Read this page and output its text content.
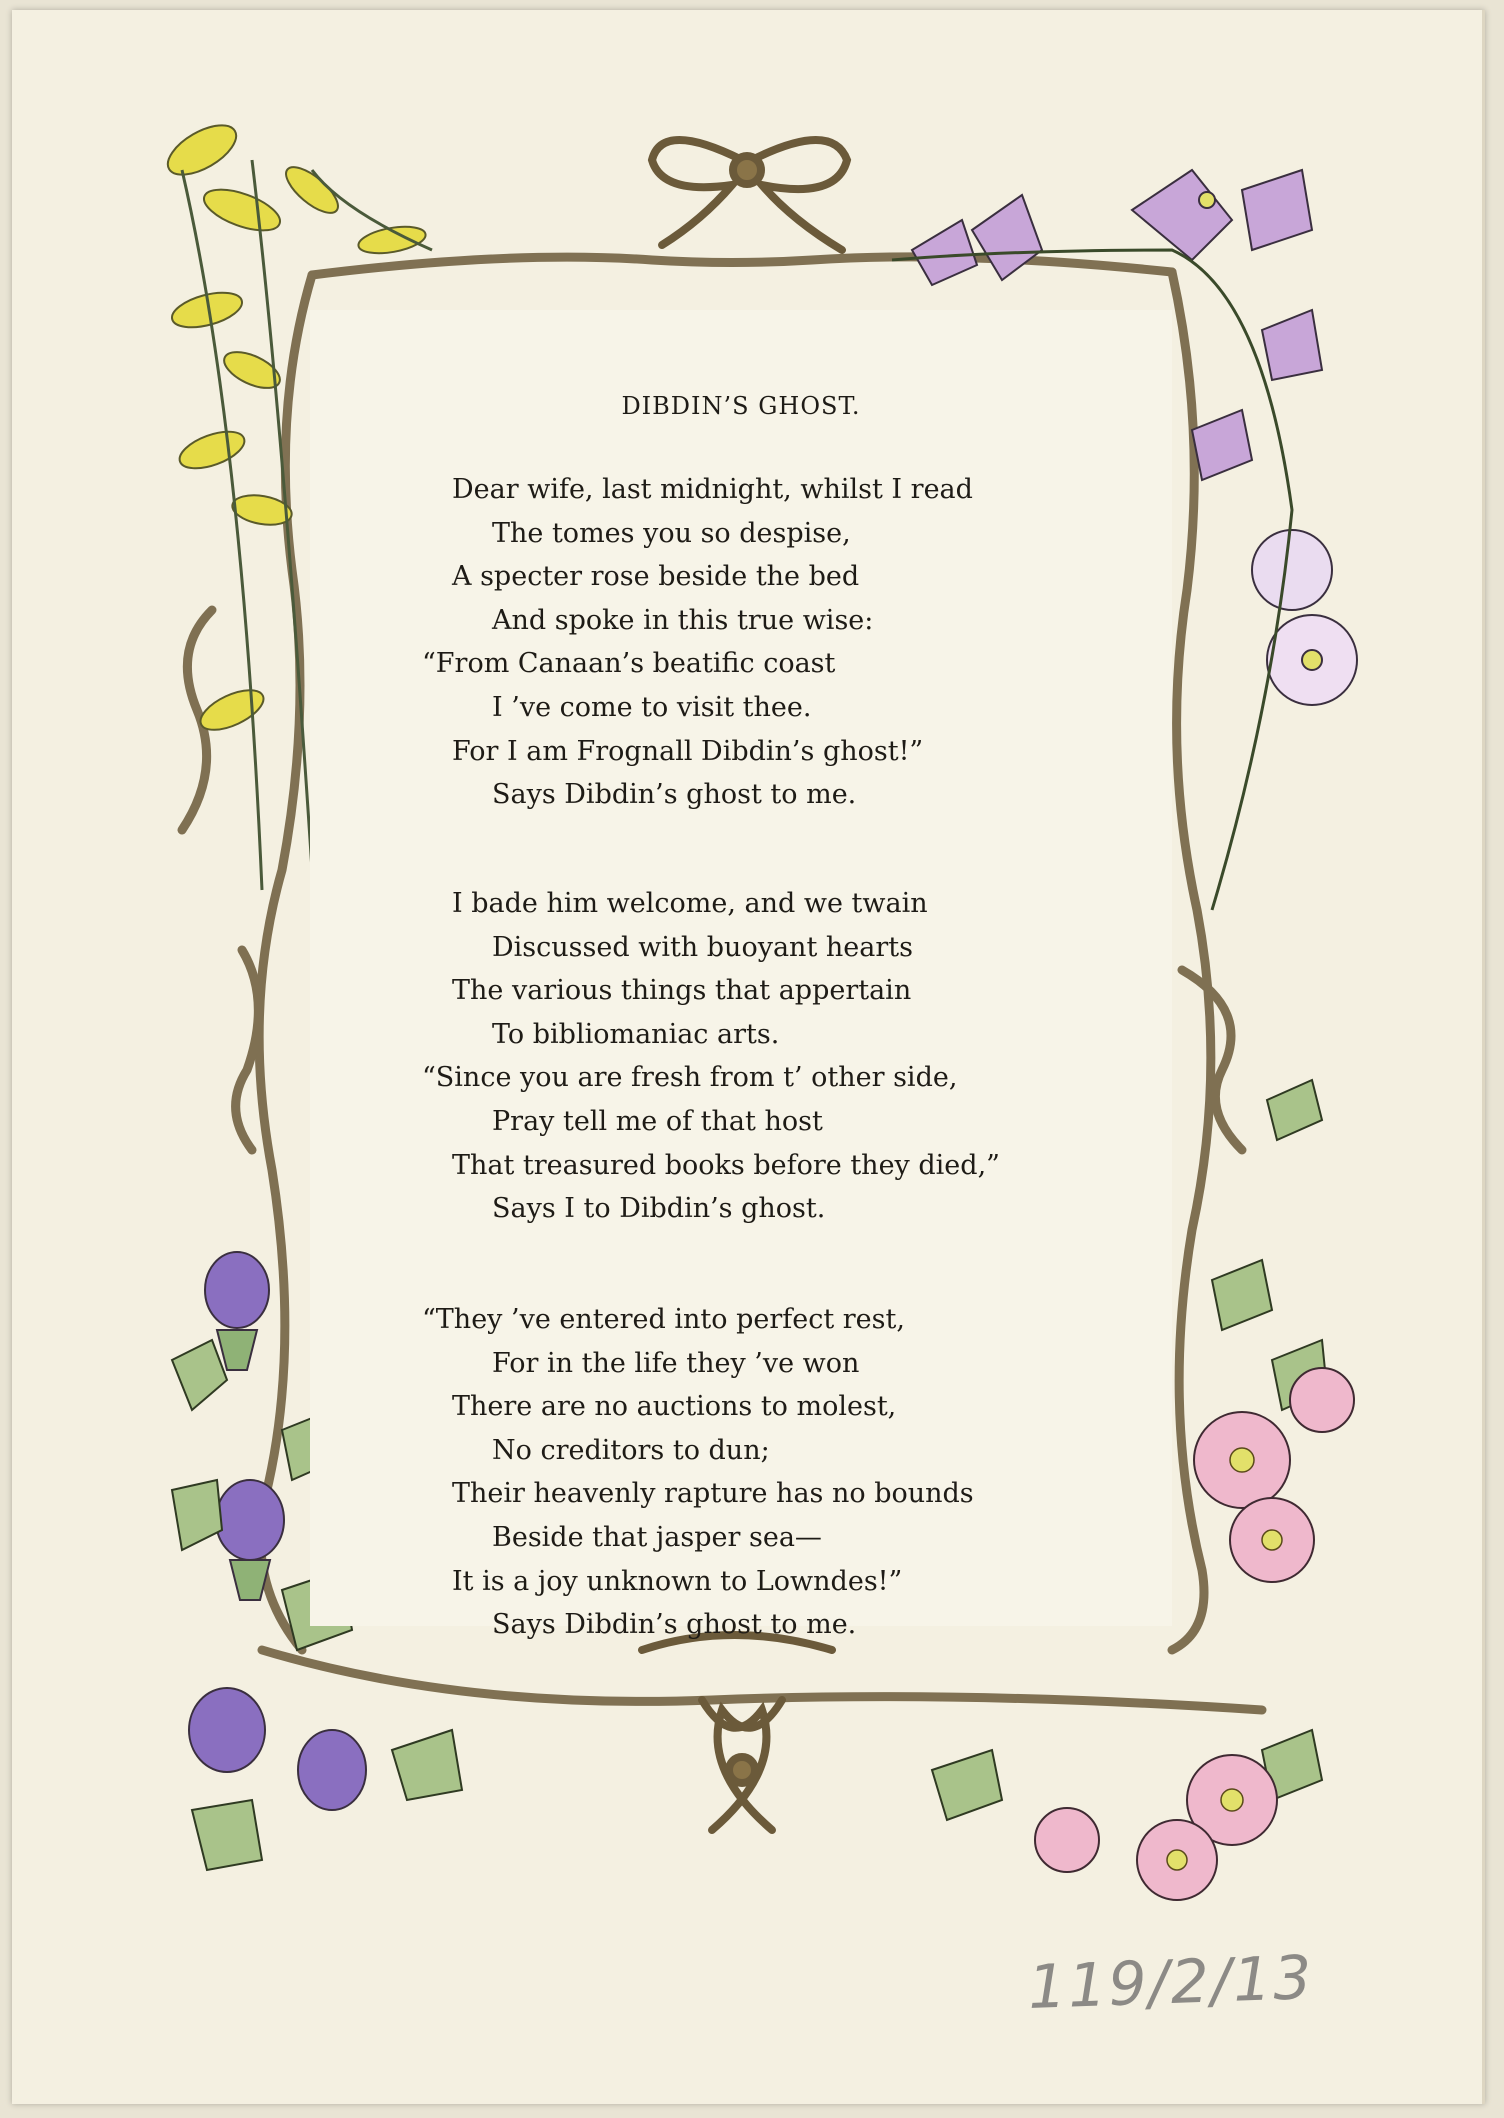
DIBDIN’S GHOST.
Dear wife, last midnight, whilst I read
The tomes you so despise,
A specter rose beside the bed
And spoke in this true wise:
“From Canaan’s beatific coast
I ’ve come to visit thee.
For I am Frognall Dibdin’s ghost!”
Says Dibdin’s ghost to me.
I bade him welcome, and we twain
Discussed with buoyant hearts
The various things that appertain
To bibliomaniac arts.
“Since you are fresh from t’ other side,
Pray tell me of that host
That treasured books before they died,”
Says I to Dibdin’s ghost.
“They ’ve entered into perfect rest,
For in the life they ’ve won
There are no auctions to molest,
No creditors to dun;
Their heavenly rapture has no bounds
Beside that jasper sea—
It is a joy unknown to Lowndes!”
Says Dibdin’s ghost to me.
119/2/13
